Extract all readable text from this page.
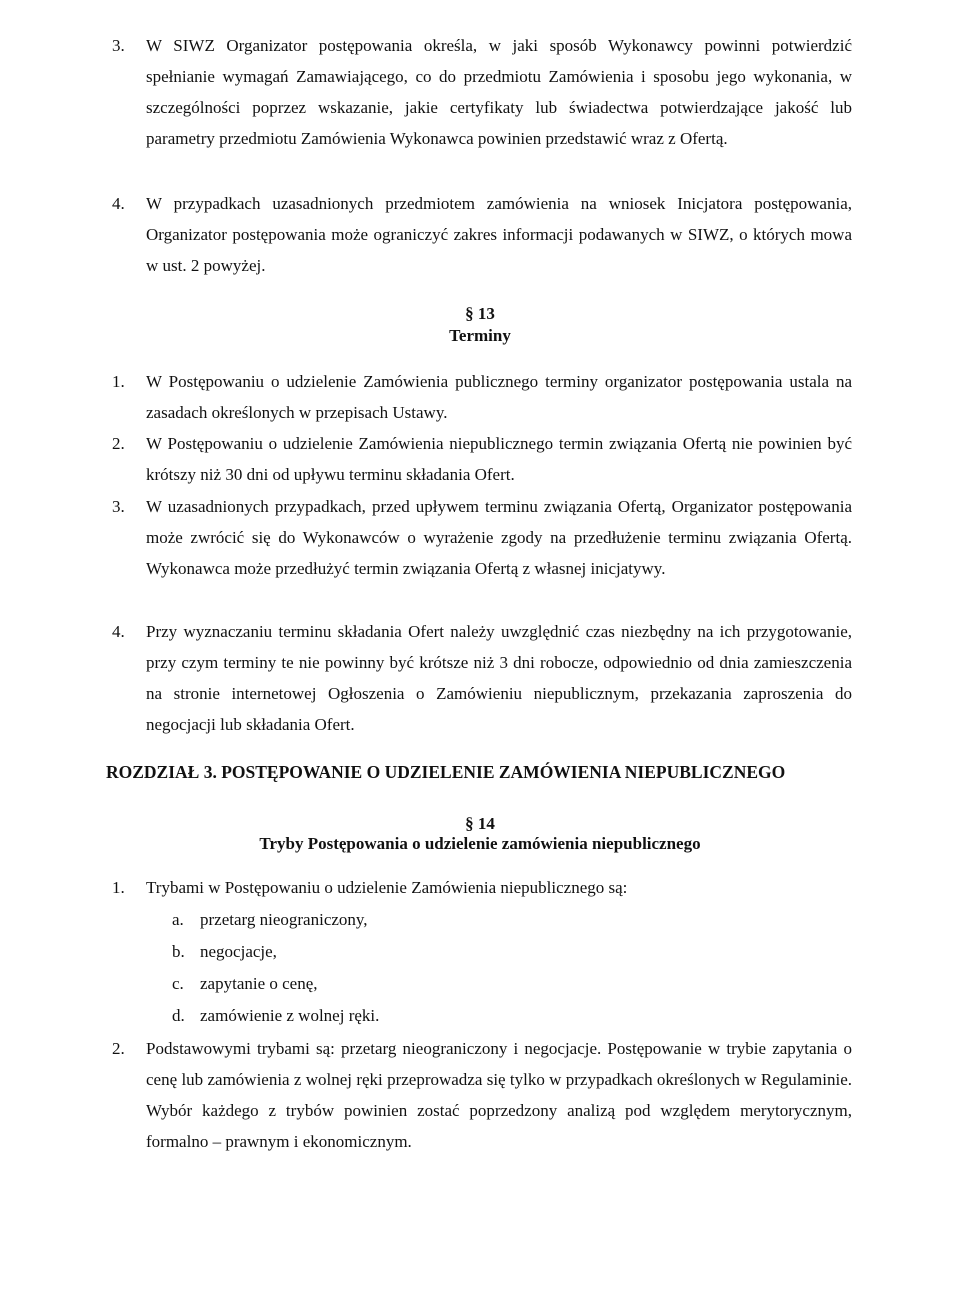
3. W SIWZ Organizator postępowania określa, w jaki sposób Wykonawcy powinni potwierdzić spełnianie wymagań Zamawiającego, co do przedmiotu Zamówienia i sposobu jego wykonania, w szczególności poprzez wskazanie, jakie certyfikaty lub świadectwa potwierdzające jakość lub parametry przedmiotu Zamówienia Wykonawca powinien przedstawić wraz z Ofertą.
4. W przypadkach uzasadnionych przedmiotem zamówienia na wniosek Inicjatora postępowania, Organizator postępowania może ograniczyć zakres informacji podawanych w SIWZ, o których mowa w ust. 2 powyżej.
§ 13
Terminy
1. W Postępowaniu o udzielenie Zamówienia publicznego terminy organizator postępowania ustala na zasadach określonych w przepisach Ustawy.
2. W Postępowaniu o udzielenie Zamówienia niepublicznego termin związania Ofertą nie powinien być krótszy niż 30 dni od upływu terminu składania Ofert.
3. W uzasadnionych przypadkach, przed upływem terminu związania Ofertą, Organizator postępowania może zwrócić się do Wykonawców o wyrażenie zgody na przedłużenie terminu związania Ofertą. Wykonawca może przedłużyć termin związania Ofertą z własnej inicjatywy.
4. Przy wyznaczaniu terminu składania Ofert należy uwzględnić czas niezbędny na ich przygotowanie, przy czym terminy te nie powinny być krótsze niż 3 dni robocze, odpowiednio od dnia zamieszczenia na stronie internetowej Ogłoszenia o Zamówieniu niepublicznym, przekazania zaproszenia do negocjacji lub składania Ofert.
ROZDZIAŁ 3. POSTĘPOWANIE O UDZIELENIE ZAMÓWIENIA NIEPUBLICZNEGO
§ 14
Tryby Postępowania o udzielenie zamówienia niepublicznego
1. Trybami w Postępowaniu o udzielenie Zamówienia niepublicznego są:
a. przetarg nieograniczony,
b. negocjacje,
c. zapytanie o cenę,
d. zamówienie z wolnej ręki.
2. Podstawowymi trybami są: przetarg nieograniczony i negocjacje. Postępowanie w trybie zapytania o cenę lub zamówienia z wolnej ręki przeprowadza się tylko w przypadkach określonych w Regulaminie. Wybór każdego z trybów powinien zostać poprzedzony analizą pod względem merytorycznym, formalno – prawnym i ekonomicznym.
